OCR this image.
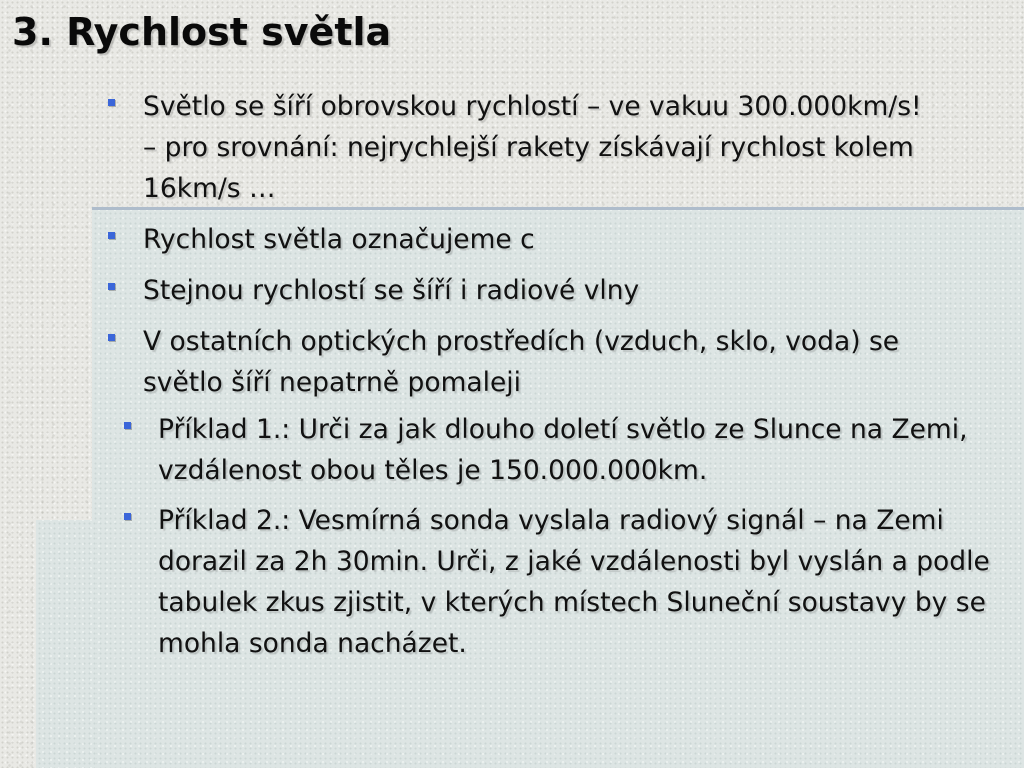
3. Rychlost světla
Světlo se šíří obrovskou rychlostí – ve vakuu 300.000km/s! – pro srovnání: nejrychlejší rakety získávají rychlost kolem 16km/s …
Rychlost světla označujeme c
Stejnou rychlostí se šíří i radiové vlny
V ostatních optických prostředích (vzduch, sklo, voda) se světlo šíří nepatrně pomaleji
Příklad 1.: Urči za jak dlouho doletí světlo ze Slunce na Zemi, vzdálenost obou těles je 150.000.000km.
Příklad 2.: Vesmírná sonda vyslala radiový signál – na Zemi dorazil za 2h 30min. Urči, z jaké vzdálenosti byl vyslán a podle tabulek zkus zjistit, v kterých místech Sluneční soustavy by se mohla sonda nacházet.
